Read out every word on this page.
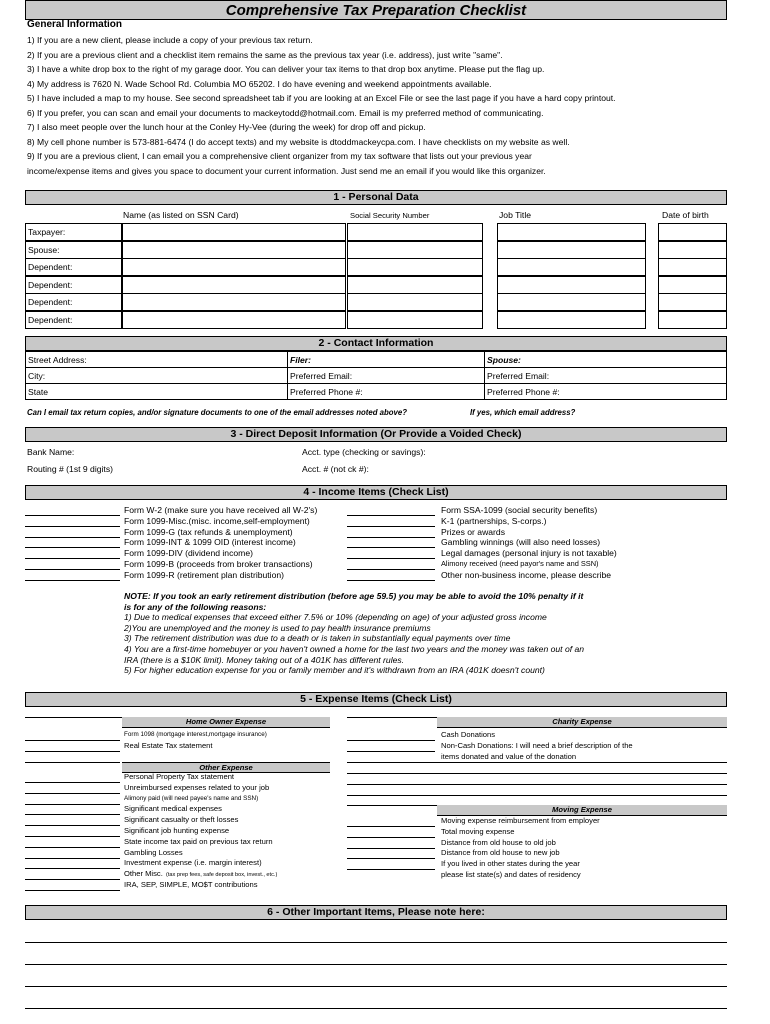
Comprehensive Tax Preparation Checklist
General Information
1) If you are a new client, please include a copy of your previous tax return.
2) If you are a previous client and a checklist item remains the same as the previous tax year (i.e. address), just write "same".
3) I have a white drop box to the right of my garage door. You can deliver your tax items to that drop box anytime. Please put the flag up.
4) My address is 7620 N. Wade School Rd. Columbia MO 65202. I do have evening and weekend appointments available.
5) I have included a map to my house. See second spreadsheet tab if you are looking at an Excel File or see the last page if you have a hard copy printout.
6) If you prefer, you can scan and email your documents to mackeytodd@hotmail.com. Email is my preferred method of communicating.
7) I also meet people over the lunch hour at the Conley Hy-Vee (during the week) for drop off and pickup.
8) My cell phone number is 573-881-6474 (I do accept texts) and my website is dtoddmackeycpa.com. I have checklists on my website as well.
9) If you are a previous client, I can email you a comprehensive client organizer from my tax software that lists out your previous year
income/expense items and gives you space to document your current information. Just send me an email if you would like this organizer.
1 - Personal Data
Name (as listed on SSN Card)	Social Security Number	Job Title	Date of birth
Taxpayer:
Spouse:
Dependent:
Dependent:
Dependent:
Dependent:
2 - Contact Information
Street Address:	Filer:	Spouse:
City:	Preferred Email:	Preferred Email:
State	Preferred Phone #:	Preferred Phone #:
Can I email tax return copies, and/or signature documents to one of the email addresses noted above?	If yes, which email address?
3 - Direct Deposit Information (Or Provide a Voided Check)
Bank Name:
Routing # (1st 9 digits)
Acct. type (checking or savings):
Acct. # (not ck #):
4 - Income Items (Check List)
Form W-2 (make sure you have received all W-2's)
Form 1099-Misc.(misc. income,self-employment)
Form 1099-G (tax refunds & unemployment)
Form 1099-INT & 1099 OID (interest income)
Form 1099-DIV (dividend income)
Form 1099-B (proceeds from broker transactions)
Form 1099-R (retirement plan distribution)
Form SSA-1099 (social security benefits)
K-1 (partnerships, S-corps.)
Prizes or awards
Gambling winnings (will also need losses)
Legal damages (personal injury is not taxable)
Alimony received (need payor's name and SSN)
Other non-business income, please describe
NOTE: If you took an early retirement distribution (before age 59.5) you may be able to avoid the 10% penalty if it
is for any of the following reasons:
1) Due to medical expenses that exceed either 7.5% or 10% (depending on age) of your adjusted gross income
2)You are unemployed and the money is used to pay health insurance premiums
3) The retirement distribution was due to a death or is taken in substantially equal payments over time
4) You are a first-time homebuyer or you haven't owned a home for the last two years and the money was taken out of an
IRA (there is a $10K limit). Money taking out of a 401K has different rules.
5) For higher education expense for you or family member and it's withdrawn from an IRA (401K doesn't count)
5 - Expense Items (Check List)
Home Owner Expense
Form 1098 (mortgage interest,mortgage insurance)
Real Estate Tax statement
Other Expense
Personal Property Tax statement
Unreimbursed expenses related to your job
Alimony paid (will need payee's name and SSN)
Significant medical expenses
Significant casualty or theft losses
Significant job hunting expense
State income tax paid on previous tax return
Gambling Losses
Investment expense (i.e. margin interest)
Other Misc. (tax prep fees, safe deposit box, invest., etc.)
IRA, SEP, SIMPLE, MO$T contributions
Charity Expense
Cash Donations
Non-Cash Donations: I will need a brief description of the
items donated and value of the donation
Moving Expense
Moving expense reimbursement from employer
Total moving expense
Distance from old house to old job
Distance from old house to new job
If you lived in other states during the year
please list state(s) and dates of residency
6 - Other Important Items, Please note here:
